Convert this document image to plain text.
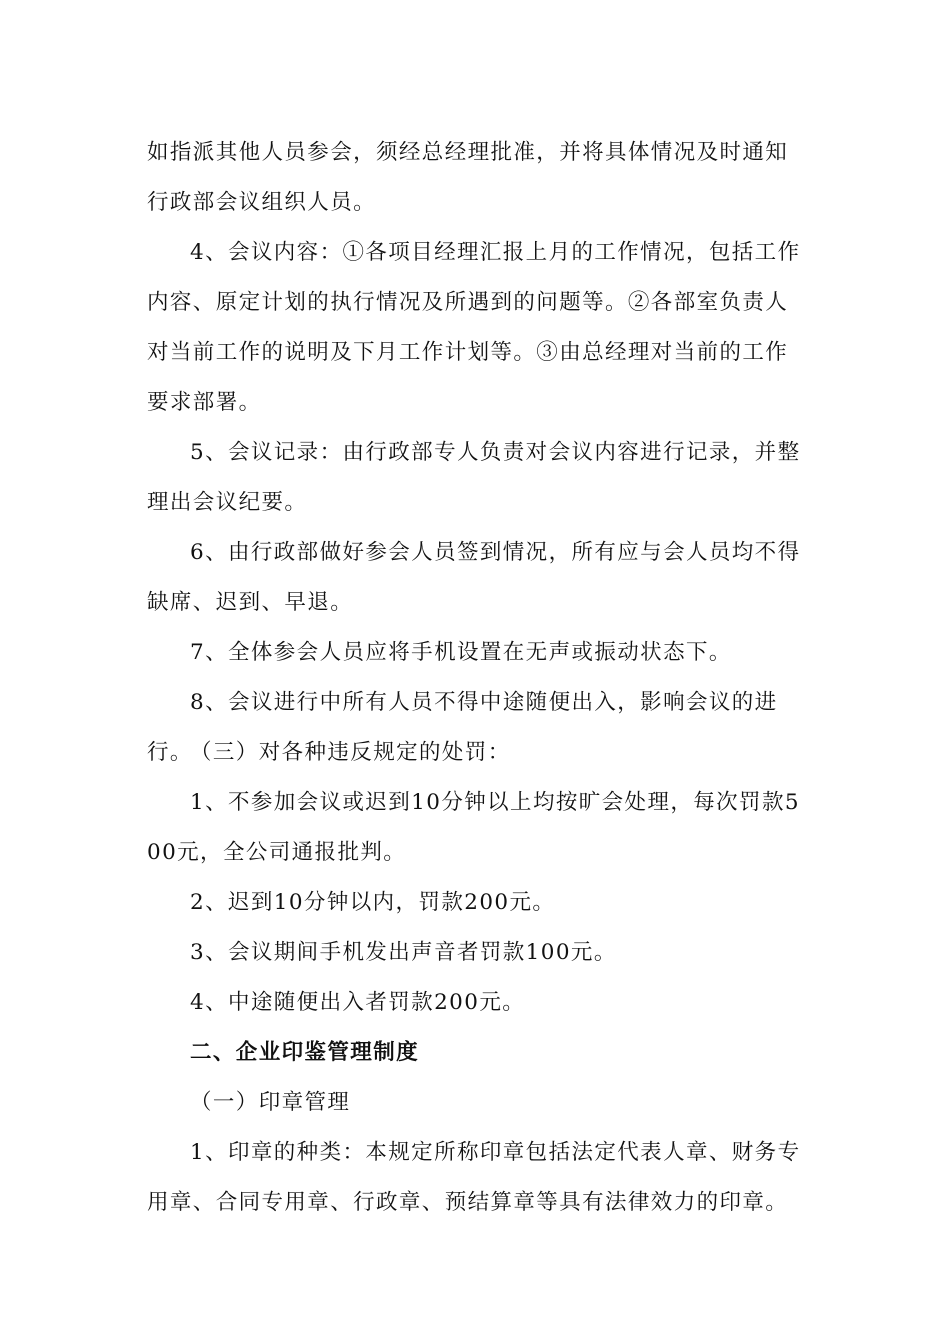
如指派其他人员参会，须经总经理批准，并将具体情况及时通知行政部会议组织人员。

4、会议内容：①各项目经理汇报上月的工作情况，包括工作内容、原定计划的执行情况及所遇到的问题等。②各部室负责人对当前工作的说明及下月工作计划等。③由总经理对当前的工作要求部署。

5、会议记录：由行政部专人负责对会议内容进行记录，并整理出会议纪要。

6、由行政部做好参会人员签到情况，所有应与会人员均不得缺席、迟到、早退。

7、全体参会人员应将手机设置在无声或振动状态下。

8、会议进行中所有人员不得中途随便出入，影响会议的进行。

（三）对各种违反规定的处罚：

1、不参加会议或迟到10分钟以上均按旷会处理，每次罚款500元，全公司通报批判。

2、迟到10分钟以内，罚款200元。

3、会议期间手机发出声音者罚款100元。

4、中途随便出入者罚款200元。

二、企业印鉴管理制度

（一）印章管理

1、印章的种类：本规定所称印章包括法定代表人章、财务专用章、合同专用章、行政章、预结算章等具有法律效力的印章。
